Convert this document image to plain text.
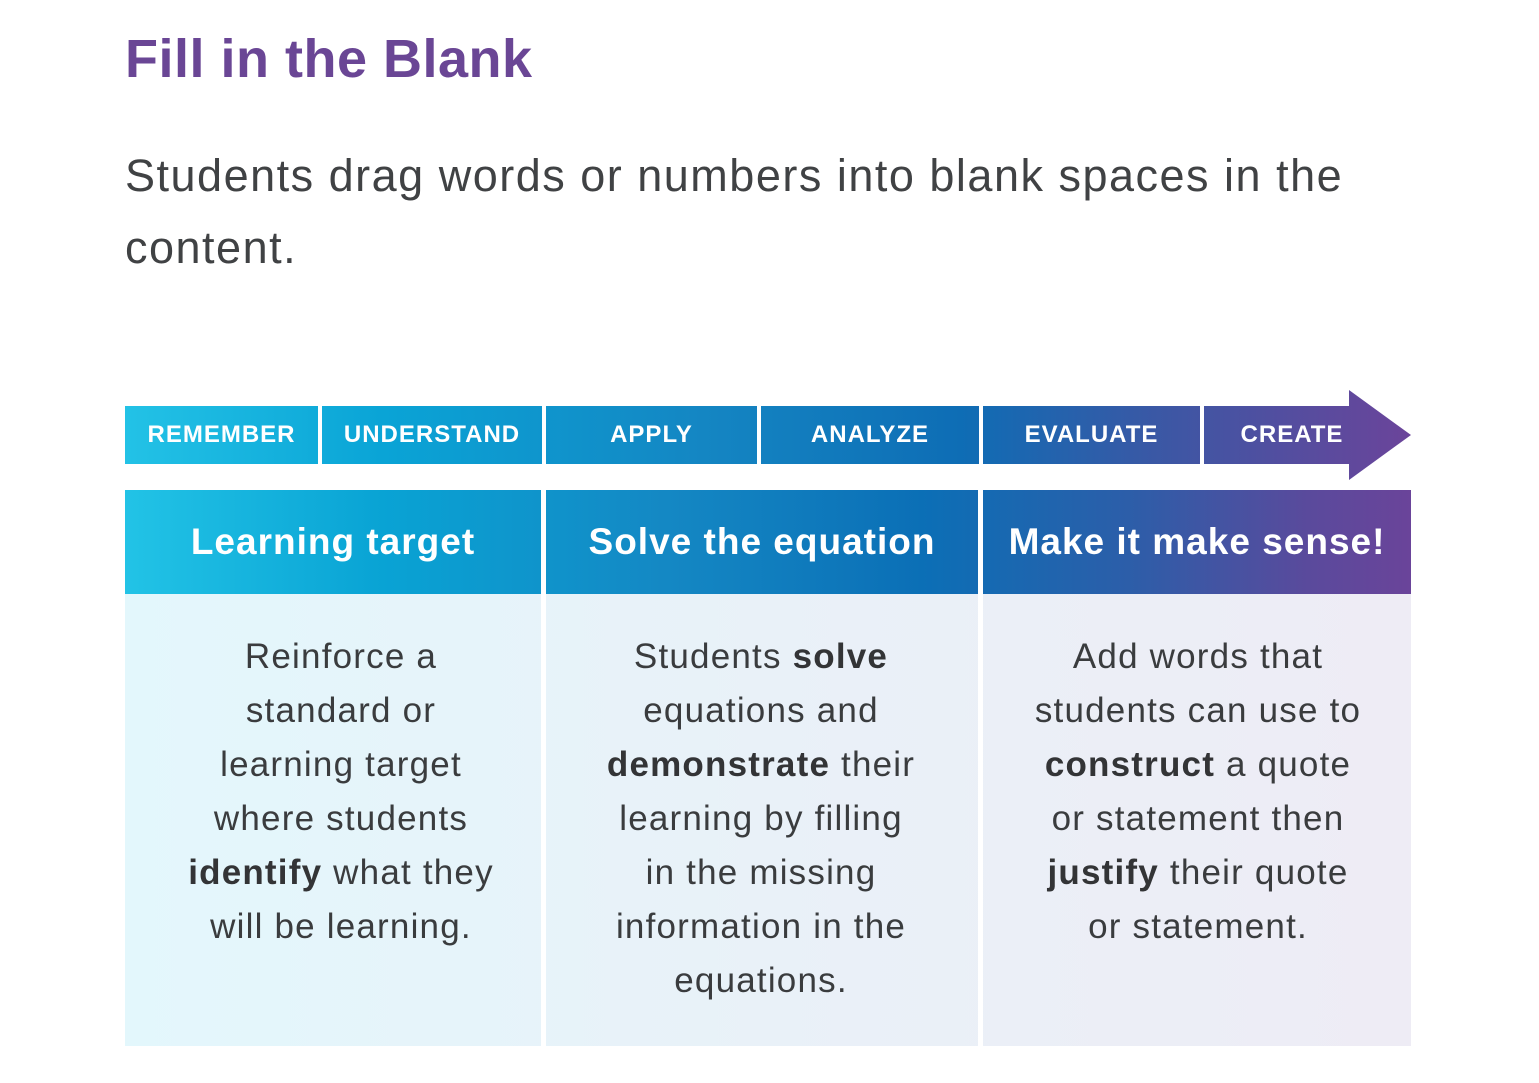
Fill in the Blank

Students drag words or numbers into blank spaces in the content.

REMEMBER	UNDERSTAND	APPLY	ANALYZE	EVALUATE	CREATE
Learning target

Reinforce a standard or learning target where students identify what they will be learning.

Solve the equation

Students solve equations and demonstrate their learning by filling in the missing information in the equations.

Make it make sense!

Add words that students can use to construct a quote or statement then justify their quote or statement.
